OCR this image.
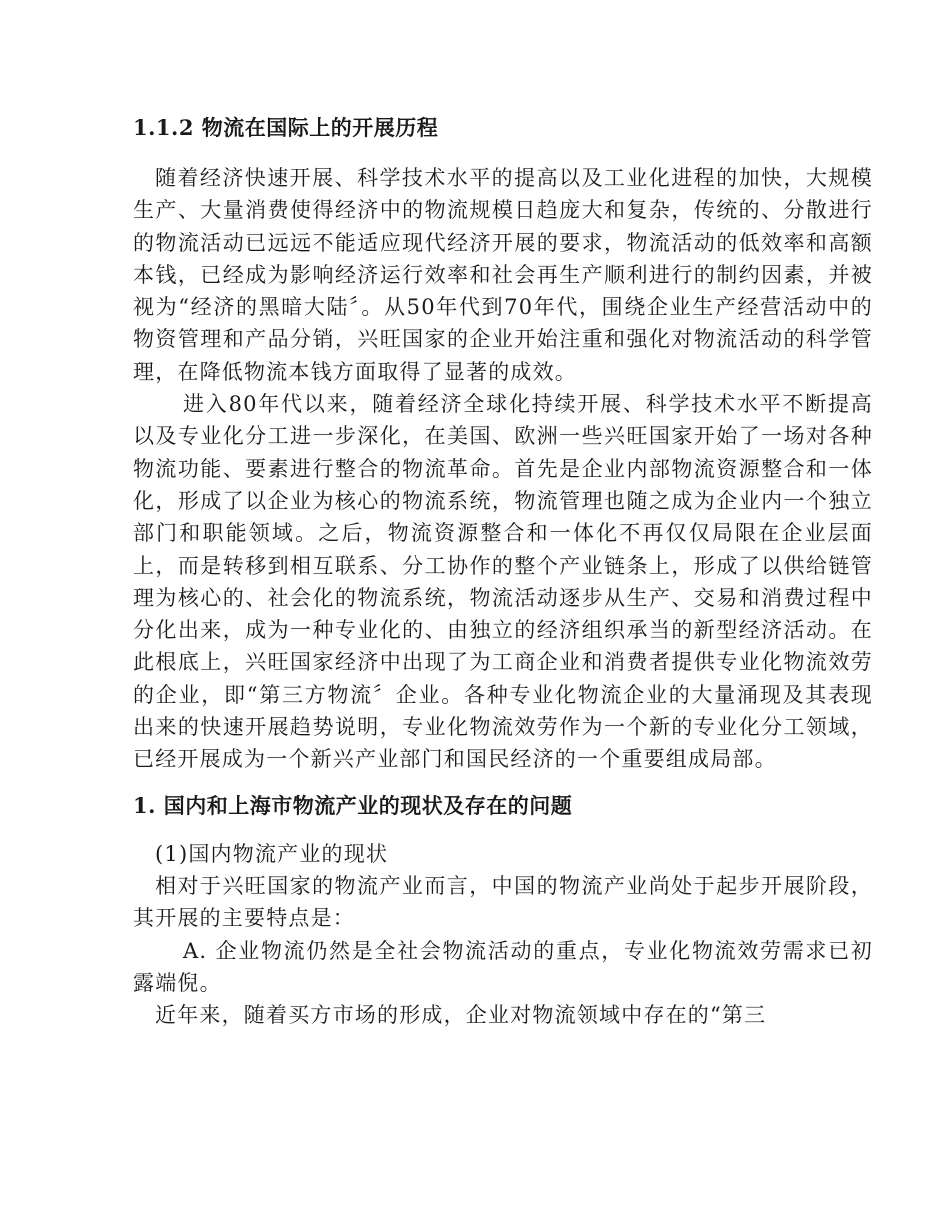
1.1.2 物流在国际上的开展历程

随着经济快速开展、科学技术水平的提高以及工业化进程的加快，大规模生产、大量消费使得经济中的物流规模日趋庞大和复杂，传统的、分散进行的物流活动已远远不能适应现代经济开展的要求，物流活动的低效率和高额本钱，已经成为影响经济运行效率和社会再生产顺利进行的制约因素，并被视为“经济的黑暗大陆〞。从50年代到70年代，围绕企业生产经营活动中的物资管理和产品分销，兴旺国家的企业开始注重和强化对物流活动的科学管理，在降低物流本钱方面取得了显著的成效。

进入80年代以来，随着经济全球化持续开展、科学技术水平不断提高以及专业化分工进一步深化，在美国、欧洲一些兴旺国家开始了一场对各种物流功能、要素进行整合的物流革命。首先是企业内部物流资源整合和一体化，形成了以企业为核心的物流系统，物流管理也随之成为企业内一个独立部门和职能领域。之后，物流资源整合和一体化不再仅仅局限在企业层面上，而是转移到相互联系、分工协作的整个产业链条上，形成了以供给链管理为核心的、社会化的物流系统，物流活动逐步从生产、交易和消费过程中分化出来，成为一种专业化的、由独立的经济组织承当的新型经济活动。在此根底上，兴旺国家经济中出现了为工商企业和消费者提供专业化物流效劳的企业，即“第三方物流〞企业。各种专业化物流企业的大量涌现及其表现出来的快速开展趋势说明，专业化物流效劳作为一个新的专业化分工领域，已经开展成为一个新兴产业部门和国民经济的一个重要组成局部。

1. 国内和上海市物流产业的现状及存在的问题

(1)国内物流产业的现状

相对于兴旺国家的物流产业而言，中国的物流产业尚处于起步开展阶段，其开展的主要特点是：

A. 企业物流仍然是全社会物流活动的重点，专业化物流效劳需求已初露端倪。

近年来，随着买方市场的形成，企业对物流领域中存在的“第三
